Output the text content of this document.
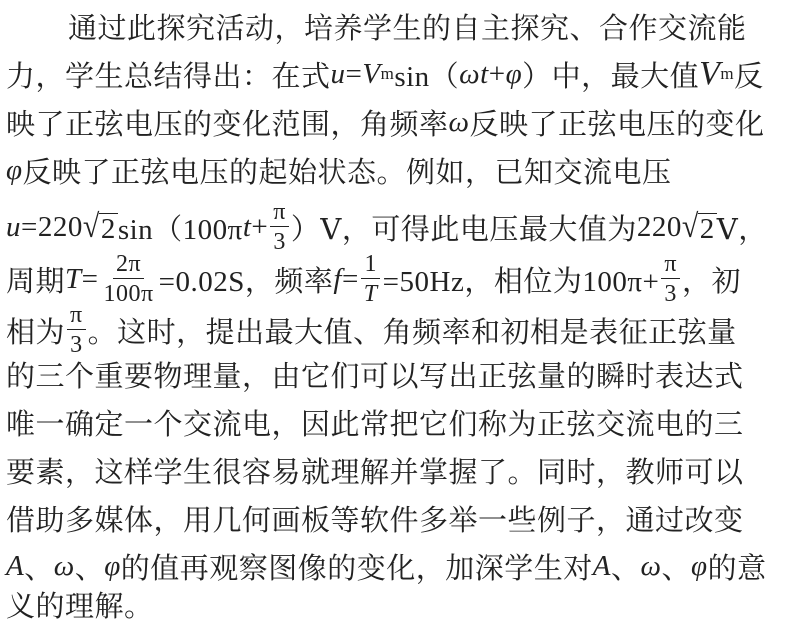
通过此探究活动，培养学生的自主探究、合作交流能
力，学生总结得出：在式 u = V m sin（ ωt + φ ）中，最大值 V m 反
映了正弦电压的变化范围，角频率 ω 反映了正弦电压的变化
φ 反映了正弦电压的起始状态。例如，已知交流电压
u =220 √ 2 sin（100π $t + \frac{\pi}{3} )V$，可得此电压最大值为 220 √ 2 V，
周期 $T = \frac{2\pi}{100\pi} =0.02S$，频率 $f = \frac{1}{T} =50Hz$，相位为$100\pi+ \frac{\pi}{3}$ ，初
相为 $\frac{\pi}{3}$ 。这时，提出最大值、角频率和初相是表征正弦量
的三个重要物理量，由它们可以写出正弦量的瞬时表达式
唯一确定一个交流电，因此常把它们称为正弦交流电的三
要素，这样学生很容易就理解并掌握了。同时，教师可以
借助多媒体，用几何画板等软件多举一些例子，通过改变
A 、 ω 、 φ 的值再观察图像的变化，加深学生对 A 、 ω 、 φ 的意
义的理解。
